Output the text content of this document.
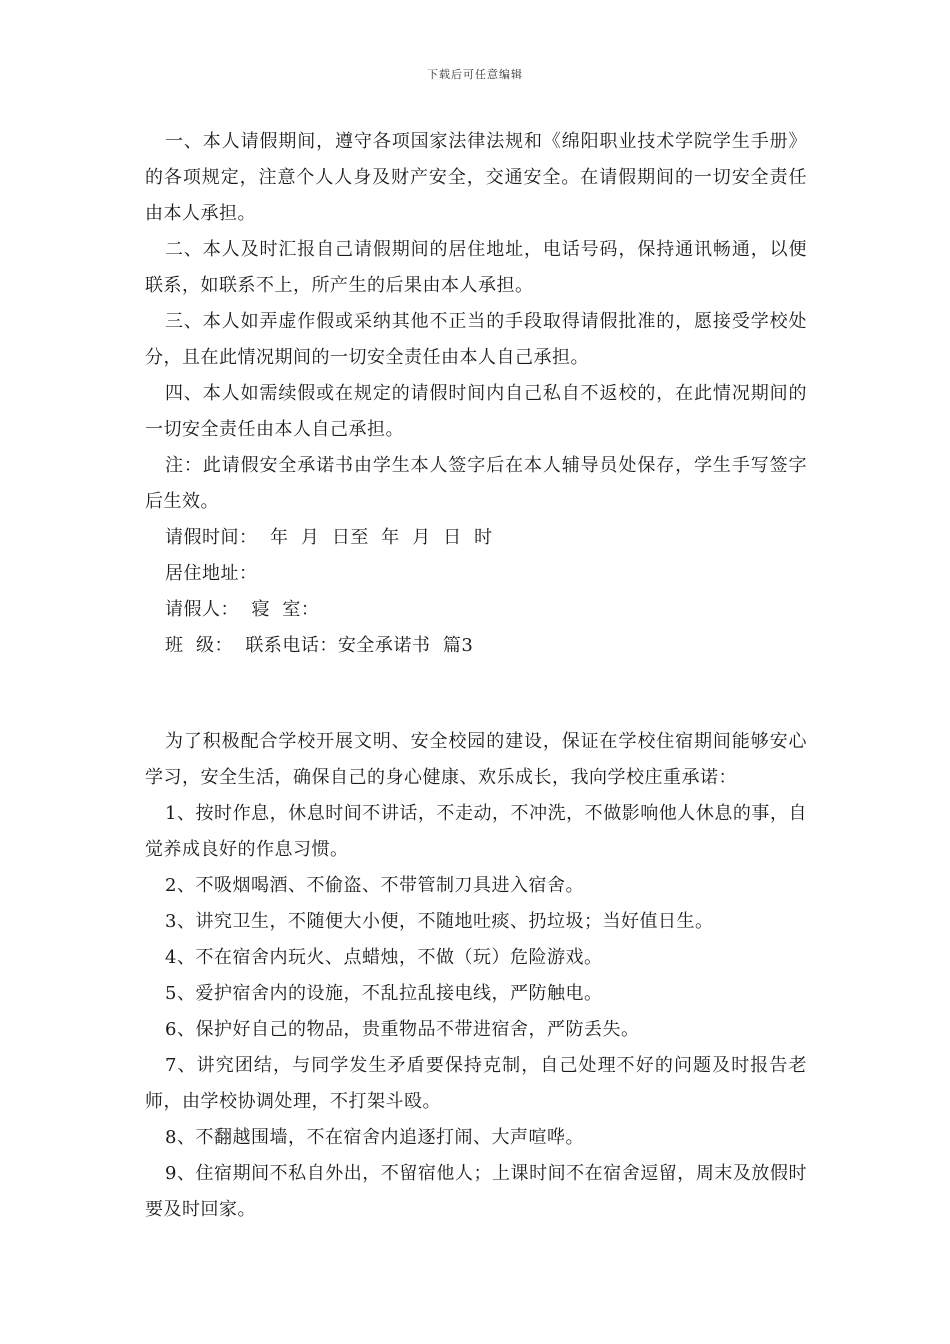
下载后可任意编辑

一、本人请假期间，遵守各项国家法律法规和《绵阳职业技术学院学生手册》的各项规定，注意个人人身及财产安全，交通安全。在请假期间的一切安全责任由本人承担。

二、本人及时汇报自己请假期间的居住地址，电话号码，保持通讯畅通，以便联系，如联系不上，所产生的后果由本人承担。

三、本人如弄虚作假或采纳其他不正当的手段取得请假批准的，愿接受学校处分，且在此情况期间的一切安全责任由本人自己承担。

四、本人如需续假或在规定的请假时间内自己私自不返校的，在此情况期间的一切安全责任由本人自己承担。

注：此请假安全承诺书由学生本人签字后在本人辅导员处保存，学生手写签字后生效。

请假时间：  年  月  日至  年  月  日  时

居住地址：

请假人：  寝  室：

班  级：  联系电话：安全承诺书  篇3

为了积极配合学校开展文明、安全校园的建设，保证在学校住宿期间能够安心学习，安全生活，确保自己的身心健康、欢乐成长，我向学校庄重承诺：

1、按时作息，休息时间不讲话，不走动，不冲洗，不做影响他人休息的事，自觉养成良好的作息习惯。

2、不吸烟喝酒、不偷盗、不带管制刀具进入宿舍。

3、讲究卫生，不随便大小便，不随地吐痰、扔垃圾；当好值日生。

4、不在宿舍内玩火、点蜡烛，不做（玩）危险游戏。

5、爱护宿舍内的设施，不乱拉乱接电线，严防触电。

6、保护好自己的物品，贵重物品不带进宿舍，严防丢失。

7、讲究团结，与同学发生矛盾要保持克制，自己处理不好的问题及时报告老师，由学校协调处理，不打架斗殴。

8、不翻越围墙，不在宿舍内追逐打闹、大声喧哗。

9、住宿期间不私自外出，不留宿他人；上课时间不在宿舍逗留，周末及放假时要及时回家。
